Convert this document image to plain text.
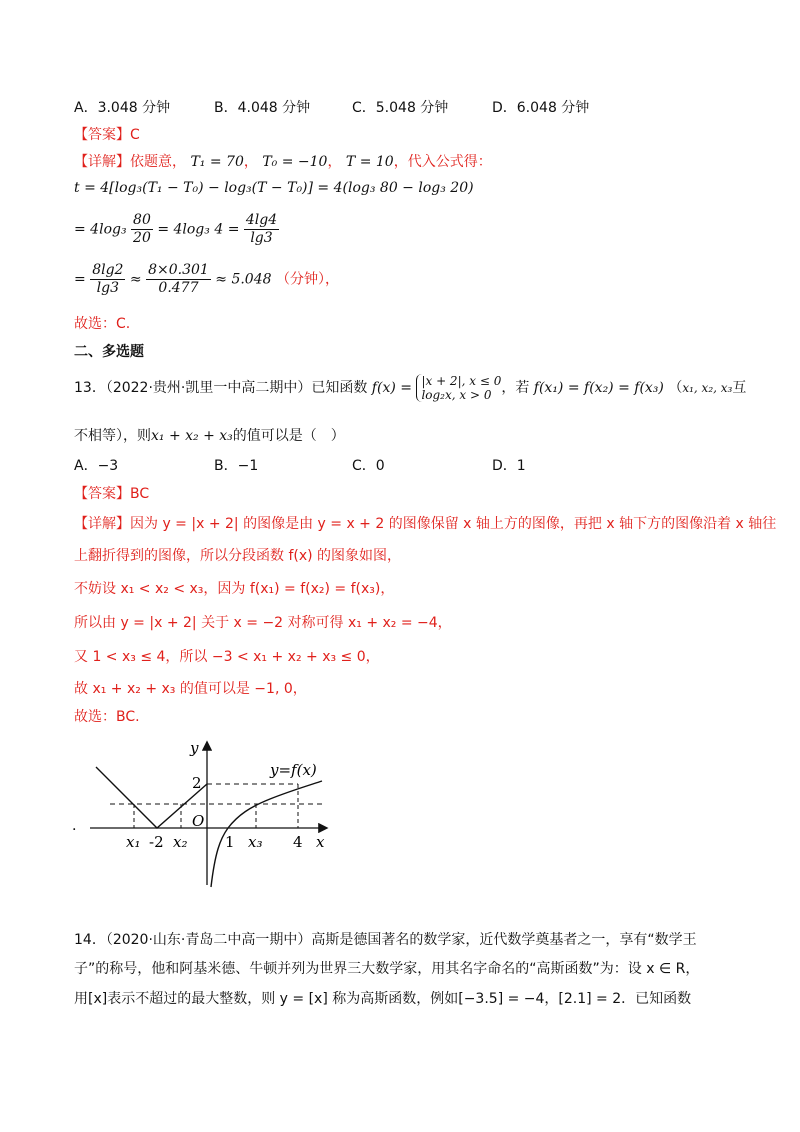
A．3.048 分钟	B．4.048 分钟	C．5.048 分钟	D．6.048 分钟
【答案】C
【详解】依题意， T₁ = 70， T₀ = −10， T = 10，代入公式得：
t = 4[log₃(T₁ − T₀) − log₃(T − T₀)] = 4(log₃ 80 − log₃ 20)
= $4\log_3 \frac{80}{20} = 4\log_3$ $4 = \frac{4\lg 4}{\lg 3}$
= $\frac{8\lg 2}{\lg 3} \approx \frac{8\times 0.301}{0.477} \approx 5.048$ （分钟），
故选：C.
二、多选题
13．（2022·贵州·凯里一中高二期中）已知函数 f(x) = |x + 2|, x ≤ 0
log₂x, x > 0 ，若 f(x₁) = f(x₂) = f(x₃) （x₁, x₂, x₃互
不相等），则x₁ + x₂ + x₃的值可以是（　）
A．−3	B．−1	C．0	D．1
【答案】BC
【详解】因为 y = |x + 2| 的图像是由 y = x + 2 的图像保留 x 轴上方的图像，再把 x 轴下方的图像沿着 x 轴往
上翻折得到的图像，所以分段函数 f(x) 的图象如图，
不妨设 x₁ < x₂ < x₃，因为 f(x₁) = f(x₂) = f(x₃)，
所以由 y = |x + 2| 关于 x = −2 对称可得 x₁ + x₂ = −4，
又 1 < x₃ ≤ 4，所以 −3 < x₁ + x₂ + x₃ ≤ 0，
故 x₁ + x₂ + x₃ 的值可以是 −1, 0，
故选：BC.
y
y=f(x)
2
O
x₁ -2 x₂	1 x₃ 4 x
.
14．（2020·山东·青岛二中高一期中）高斯是德国著名的数学家，近代数学奠基者之一，享有“数学王
子”的称号，他和阿基米德、牛顿并列为世界三大数学家，用其名字命名的“高斯函数”为：设 x ∈ R，
用[x]表示不超过的最大整数，则 y = [x] 称为高斯函数，例如[−3.5] = −4，[2.1] = 2．已知函数
